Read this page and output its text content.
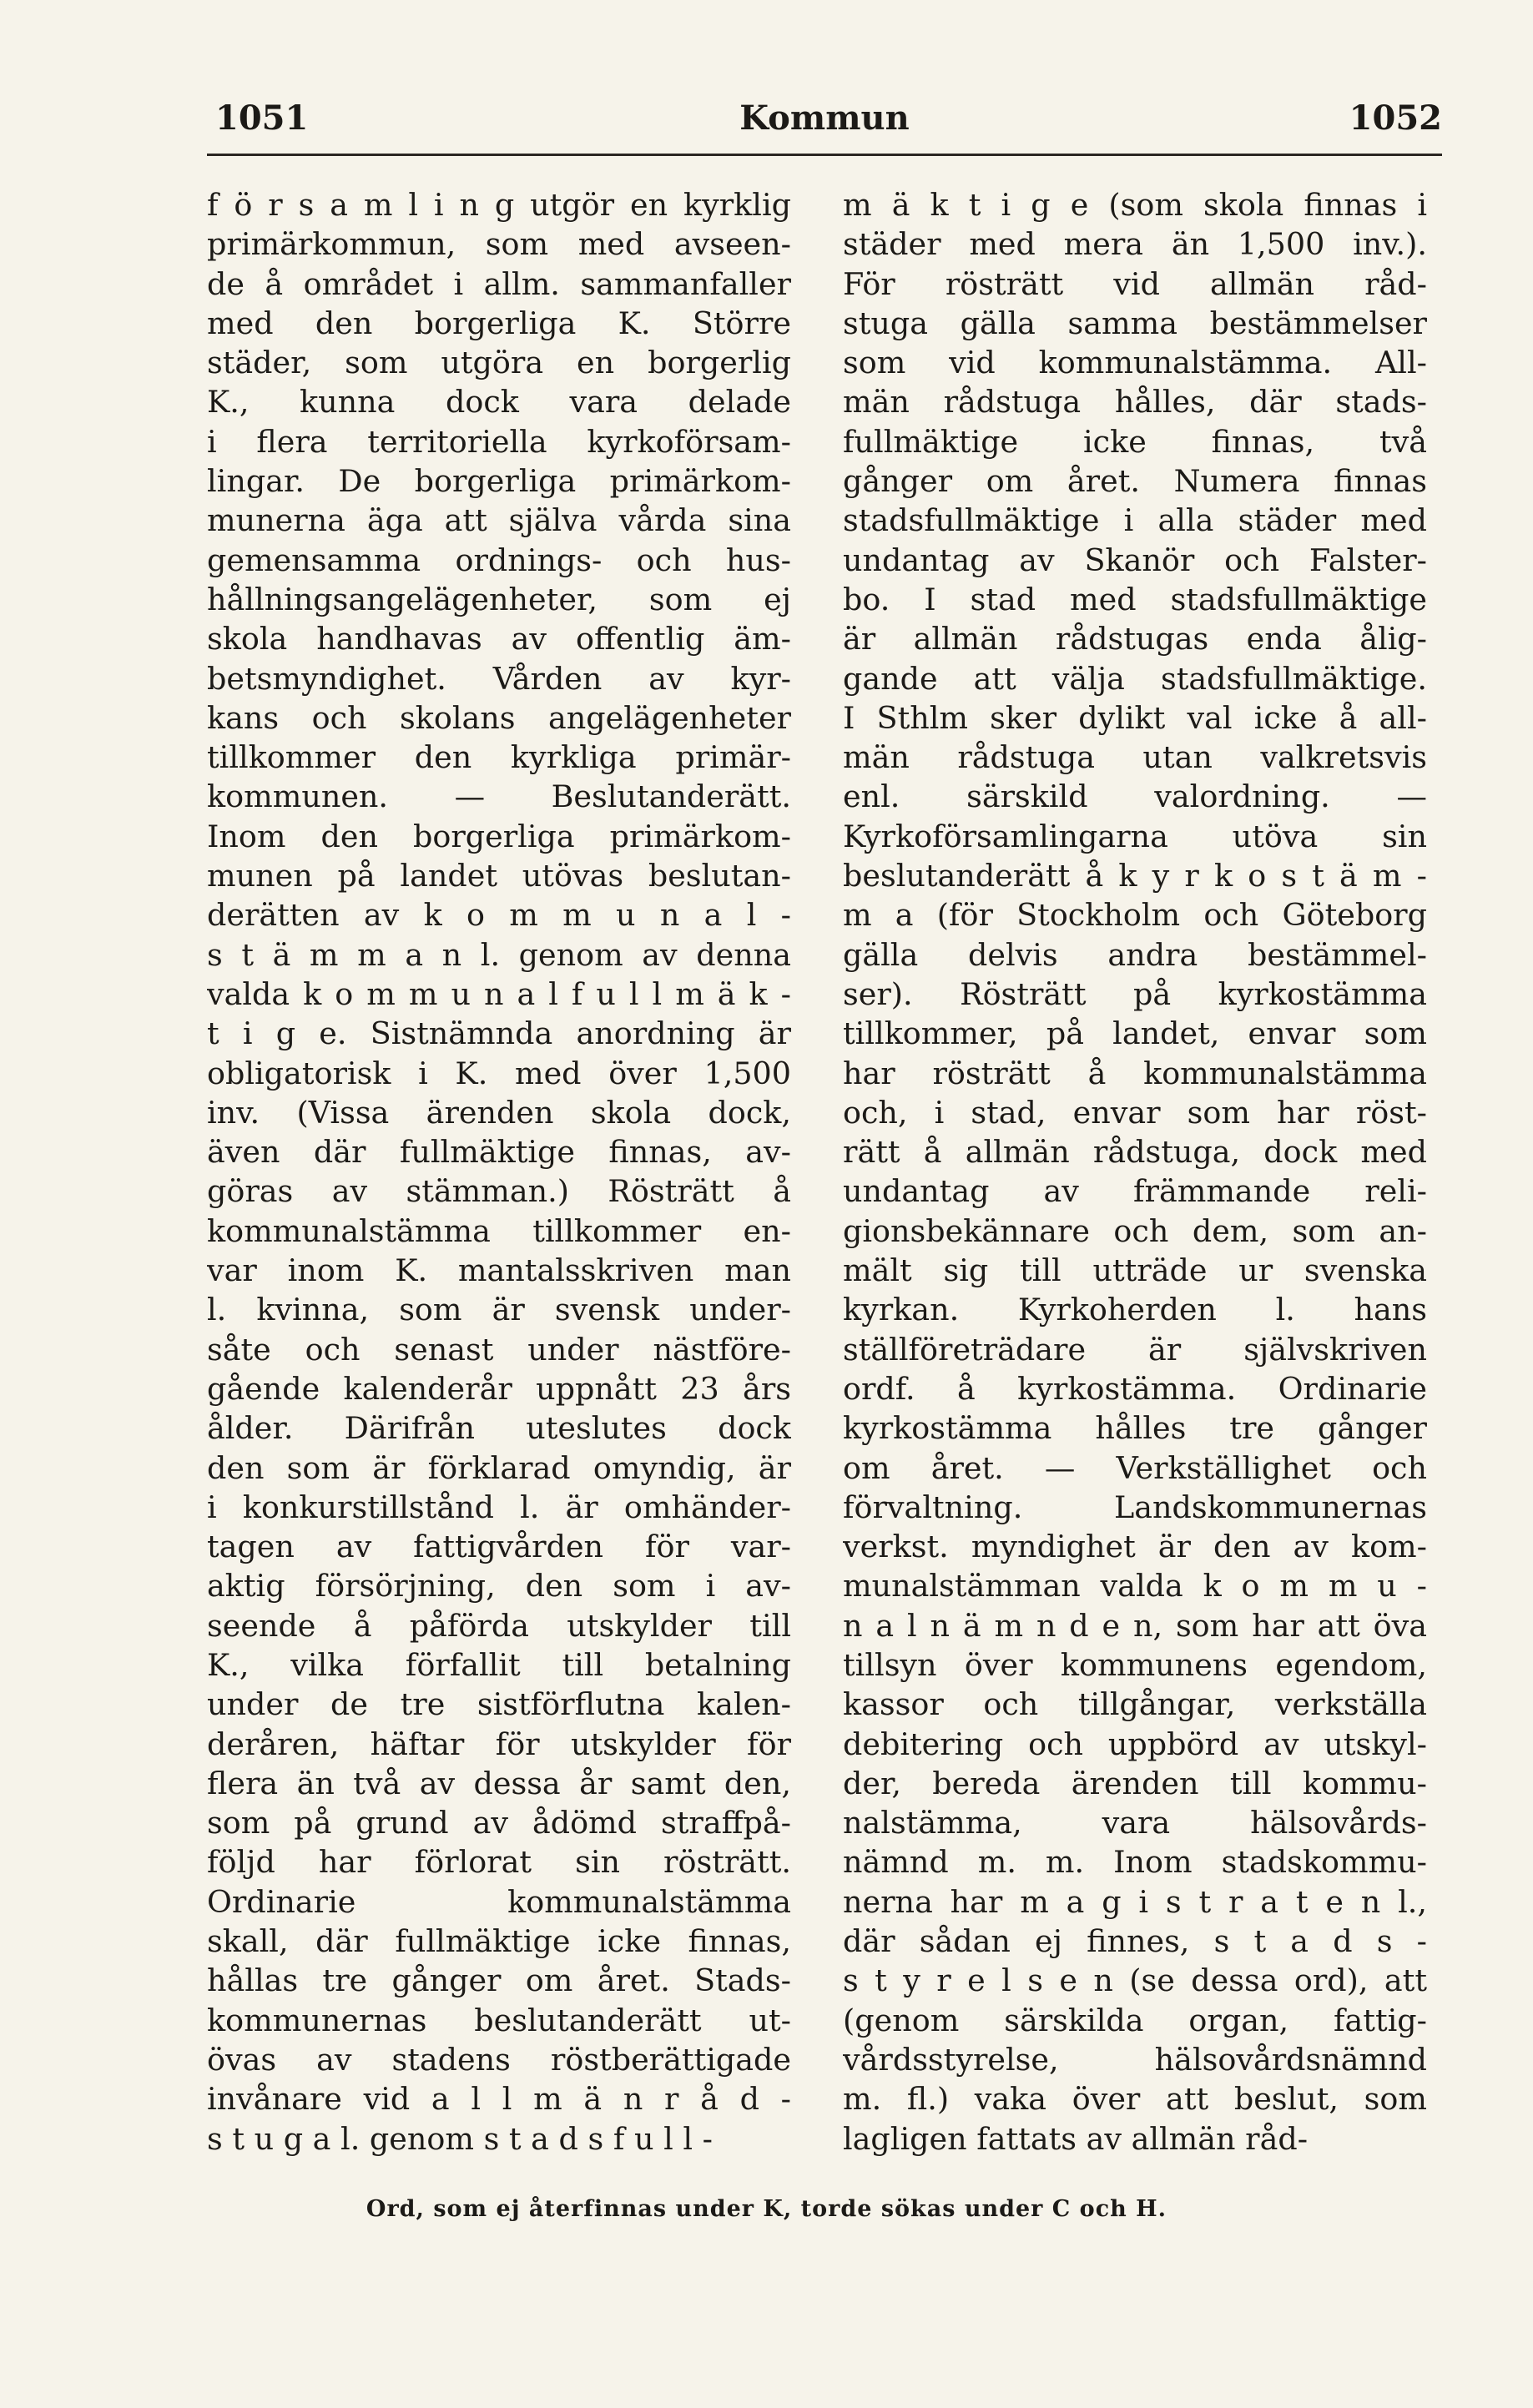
1051	Kommun	1052
f ö r s a m l i n g utgör en kyrklig
primärkommun, som med avseen-
de å området i allm. sammanfaller
med den borgerliga K. Större
städer, som utgöra en borgerlig
K., kunna dock vara delade
i flera territoriella kyrkoförsam-
lingar. De borgerliga primärkom-
munerna äga att själva vårda sina
gemensamma ordnings- och hus-
hållningsangelägenheter, som ej
skola handhavas av offentlig äm-
betsmyndighet. Vården av kyr-
kans och skolans angelägenheter
tillkommer den kyrkliga primär-
kommunen. — Beslutanderätt.
Inom den borgerliga primärkom-
munen på landet utövas beslutan-
derätten av k o m m u n a l -
s t ä m m a n l. genom av denna
valda k o m m u n a l f u l l m ä k -
t i g e. Sistnämnda anordning är
obligatorisk i K. med över 1,500
inv. (Vissa ärenden skola dock,
även där fullmäktige finnas, av-
göras av stämman.) Rösträtt å
kommunalstämma tillkommer en-
var inom K. mantalsskriven man
l. kvinna, som är svensk under-
såte och senast under nästföre-
gående kalenderår uppnått 23 års
ålder. Därifrån uteslutes dock
den som är förklarad omyndig, är
i konkurstillstånd l. är omhänder-
tagen av fattigvården för var-
aktig försörjning, den som i av-
seende å påförda utskylder till
K., vilka förfallit till betalning
under de tre sistförflutna kalen-
deråren, häftar för utskylder för
flera än två av dessa år samt den,
som på grund av ådömd straffpå-
följd har förlorat sin rösträtt.
Ordinarie kommunalstämma
skall, där fullmäktige icke finnas,
hållas tre gånger om året. Stads-
kommunernas beslutanderätt ut-
övas av stadens röstberättigade
invånare vid a l l m ä n r å d -
s t u g a l. genom s t a d s f u l l -
m ä k t i g e (som skola finnas i
städer med mera än 1,500 inv.).
För rösträtt vid allmän råd-
stuga gälla samma bestämmelser
som vid kommunalstämma. All-
män rådstuga hålles, där stads-
fullmäktige icke finnas, två
gånger om året. Numera finnas
stadsfullmäktige i alla städer med
undantag av Skanör och Falster-
bo. I stad med stadsfullmäktige
är allmän rådstugas enda ålig-
gande att välja stadsfullmäktige.
I Sthlm sker dylikt val icke å all-
män rådstuga utan valkretsvis
enl. särskild valordning. —
Kyrkoförsamlingarna utöva sin
beslutanderätt å k y r k o s t ä m -
m a (för Stockholm och Göteborg
gälla delvis andra bestämmel-
ser). Rösträtt på kyrkostämma
tillkommer, på landet, envar som
har rösträtt å kommunalstämma
och, i stad, envar som har röst-
rätt å allmän rådstuga, dock med
undantag av främmande reli-
gionsbekännare och dem, som an-
mält sig till utträde ur svenska
kyrkan. Kyrkoherden l. hans
ställföreträdare är självskriven
ordf. å kyrkostämma. Ordinarie
kyrkostämma hålles tre gånger
om året. — Verkställighet och
förvaltning. Landskommunernas
verkst. myndighet är den av kom-
munalstämman valda k o m m u -
n a l n ä m n d e n, som har att öva
tillsyn över kommunens egendom,
kassor och tillgångar, verkställa
debitering och uppbörd av utskyl-
der, bereda ärenden till kommu-
nalstämma, vara hälsovårds-
nämnd m. m. Inom stadskommu-
nerna har m a g i s t r a t e n l.,
där sådan ej finnes, s t a d s -
s t y r e l s e n (se dessa ord), att
(genom särskilda organ, fattig-
vårdsstyrelse, hälsovårdsnämnd
m. fl.) vaka över att beslut, som
lagligen fattats av allmän råd-
Ord, som ej återfinnas under K, torde sökas under C och H.
